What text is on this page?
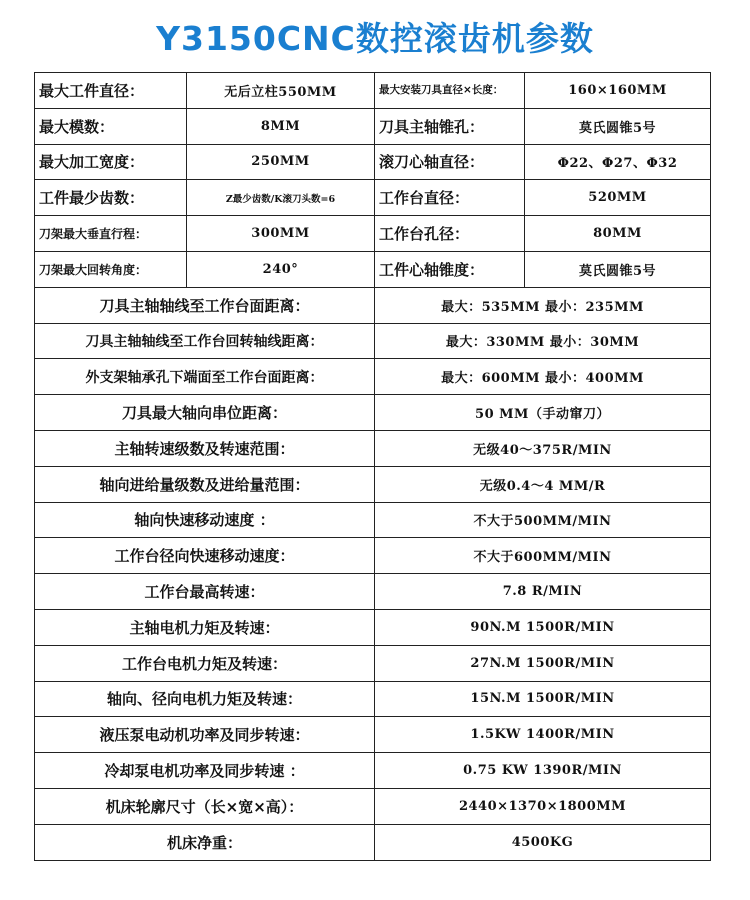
Y3150CNC数控滚齿机参数
最大工件直径：	无后立柱550MM	最大安装刀具直径×长度：	160×160MM
最大模数：	8MM	刀具主轴锥孔：	莫氏圆锥5号
最大加工宽度：	250MM	滚刀心轴直径：	Φ22、Φ27、Φ32
工件最少齿数：	Z最少齿数/K滚刀头数=6	工作台直径：	520MM
刀架最大垂直行程：	300MM	工作台孔径：	80MM
刀架最大回转角度：	240°	工件心轴锥度：	莫氏圆锥5号
刀具主轴轴线至工作台面距离：		最大：535MM 最小：235MM	
刀具主轴轴线至工作台回转轴线距离：		最大：330MM 最小：30MM	
外支架轴承孔下端面至工作台面距离：		最大：600MM 最小：400MM	
刀具最大轴向串位距离：		50 MM（手动窜刀）	
主轴转速级数及转速范围：		无级40～375R/MIN	
轴向进给量级数及进给量范围：		无级0.4～4 MM/R	
轴向快速移动速度 ：		不大于500MM/MIN	
工作台径向快速移动速度：		不大于600MM/MIN	
工作台最高转速：		7.8 R/MIN	
主轴电机力矩及转速：		90N.M 1500R/MIN	
工作台电机力矩及转速：		27N.M 1500R/MIN	
轴向、径向电机力矩及转速：		15N.M 1500R/MIN	
液压泵电动机功率及同步转速：		1.5KW 1400R/MIN	
冷却泵电机功率及同步转速 ：		0.75 KW 1390R/MIN	
机床轮廓尺寸（长×宽×高）：		2440×1370×1800MM	
机床净重：		4500KG	
